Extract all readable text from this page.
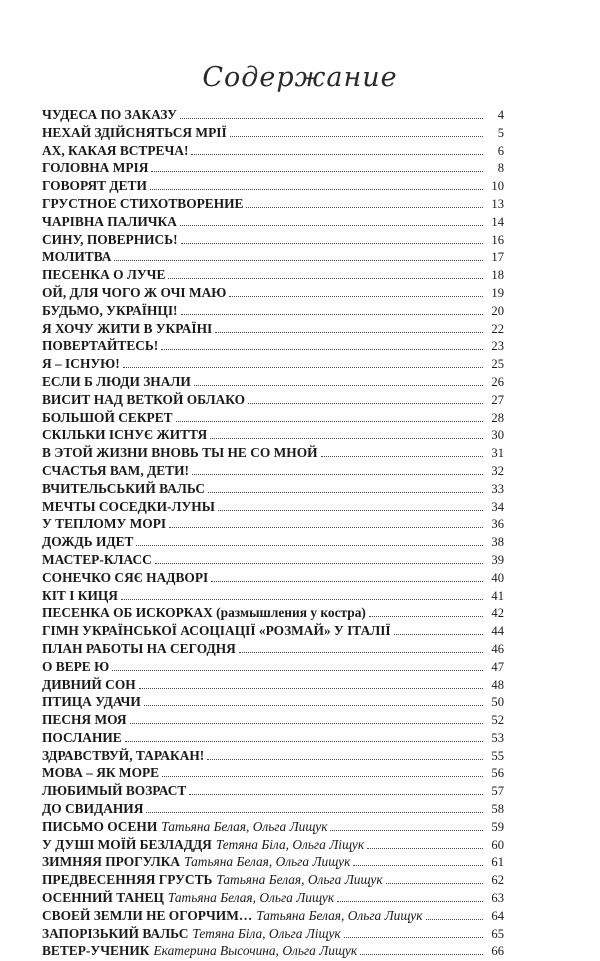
Содержание
ЧУДЕСА ПО ЗАКАЗУ	4
НЕХАЙ ЗДІЙСНЯТЬСЯ МРІЇ	5
АХ, КАКАЯ ВСТРЕЧА!	6
ГОЛОВНА МРІЯ	8
ГОВОРЯТ ДЕТИ	10
ГРУСТНОЕ СТИХОТВОРЕНИЕ	13
ЧАРІВНА ПАЛИЧКА	14
СИНУ, ПОВЕРНИСЬ!	16
МОЛИТВА	17
ПЕСЕНКА О ЛУЧЕ	18
ОЙ, ДЛЯ ЧОГО Ж ОЧІ МАЮ	19
БУДЬМО, УКРАЇНЦІ!	20
Я ХОЧУ ЖИТИ В УКРАЇНІ	22
ПОВЕРТАЙТЕСЬ!	23
Я – ІСНУЮ!	25
ЕСЛИ Б ЛЮДИ ЗНАЛИ	26
ВИСИТ НАД ВЕТКОЙ ОБЛАКО	27
БОЛЬШОЙ СЕКРЕТ	28
СКІЛЬКИ ІСНУЄ ЖИТТЯ	30
В ЭТОЙ ЖИЗНИ ВНОВЬ ТЫ НЕ СО МНОЙ	31
СЧАСТЬЯ ВАМ, ДЕТИ!	32
ВЧИТЕЛЬСЬКИЙ ВАЛЬС	33
МЕЧТЫ СОСЕДКИ-ЛУНЫ	34
У ТЕПЛОМУ МОРІ	36
ДОЖДЬ ИДЕТ	38
МАСТЕР-КЛАСС	39
СОНЕЧКО СЯЄ НАДВОРІ	40
КІТ І КИЦЯ	41
ПЕСЕНКА ОБ ИСКОРКАХ (размышления у костра)	42
ГІМН УКРАЇНСЬКОЇ АСОЦІАЦІЇ «РОЗМАЙ» У ІТАЛІЇ	44
ПЛАН РАБОТЫ НА СЕГОДНЯ	46
О ВЕРЕ Ю	47
ДИВНИЙ СОН	48
ПТИЦА УДАЧИ	50
ПЕСНЯ МОЯ	52
ПОСЛАНИЕ	53
ЗДРАВСТВУЙ, ТАРАКАН!	55
МОВА – ЯК МОРЕ	56
ЛЮБИМЫЙ ВОЗРАСТ	57
ДО СВИДАНИЯ	58
ПИСЬМО ОСЕНИ Татьяна Белая, Ольга Лищук	59
У ДУШІ МОЇЙ БЕЗЛАДДЯ Тетяна Біла, Ольга Ліщук	60
ЗИМНЯЯ ПРОГУЛКА Татьяна Белая, Ольга Лищук	61
ПРЕДВЕСЕННЯЯ ГРУСТЬ Татьяна Белая, Ольга Лищук	62
ОСЕННИЙ ТАНЕЦ Татьяна Белая, Ольга Лищук	63
СВОЕЙ ЗЕМЛИ НЕ ОГОРЧИМ… Татьяна Белая, Ольга Лищук	64
ЗАПОРІЗЬКИЙ ВАЛЬС Тетяна Біла, Ольга Ліщук	65
ВЕТЕР-УЧЕНИК Екатерина Высочина, Ольга Лищук	66
